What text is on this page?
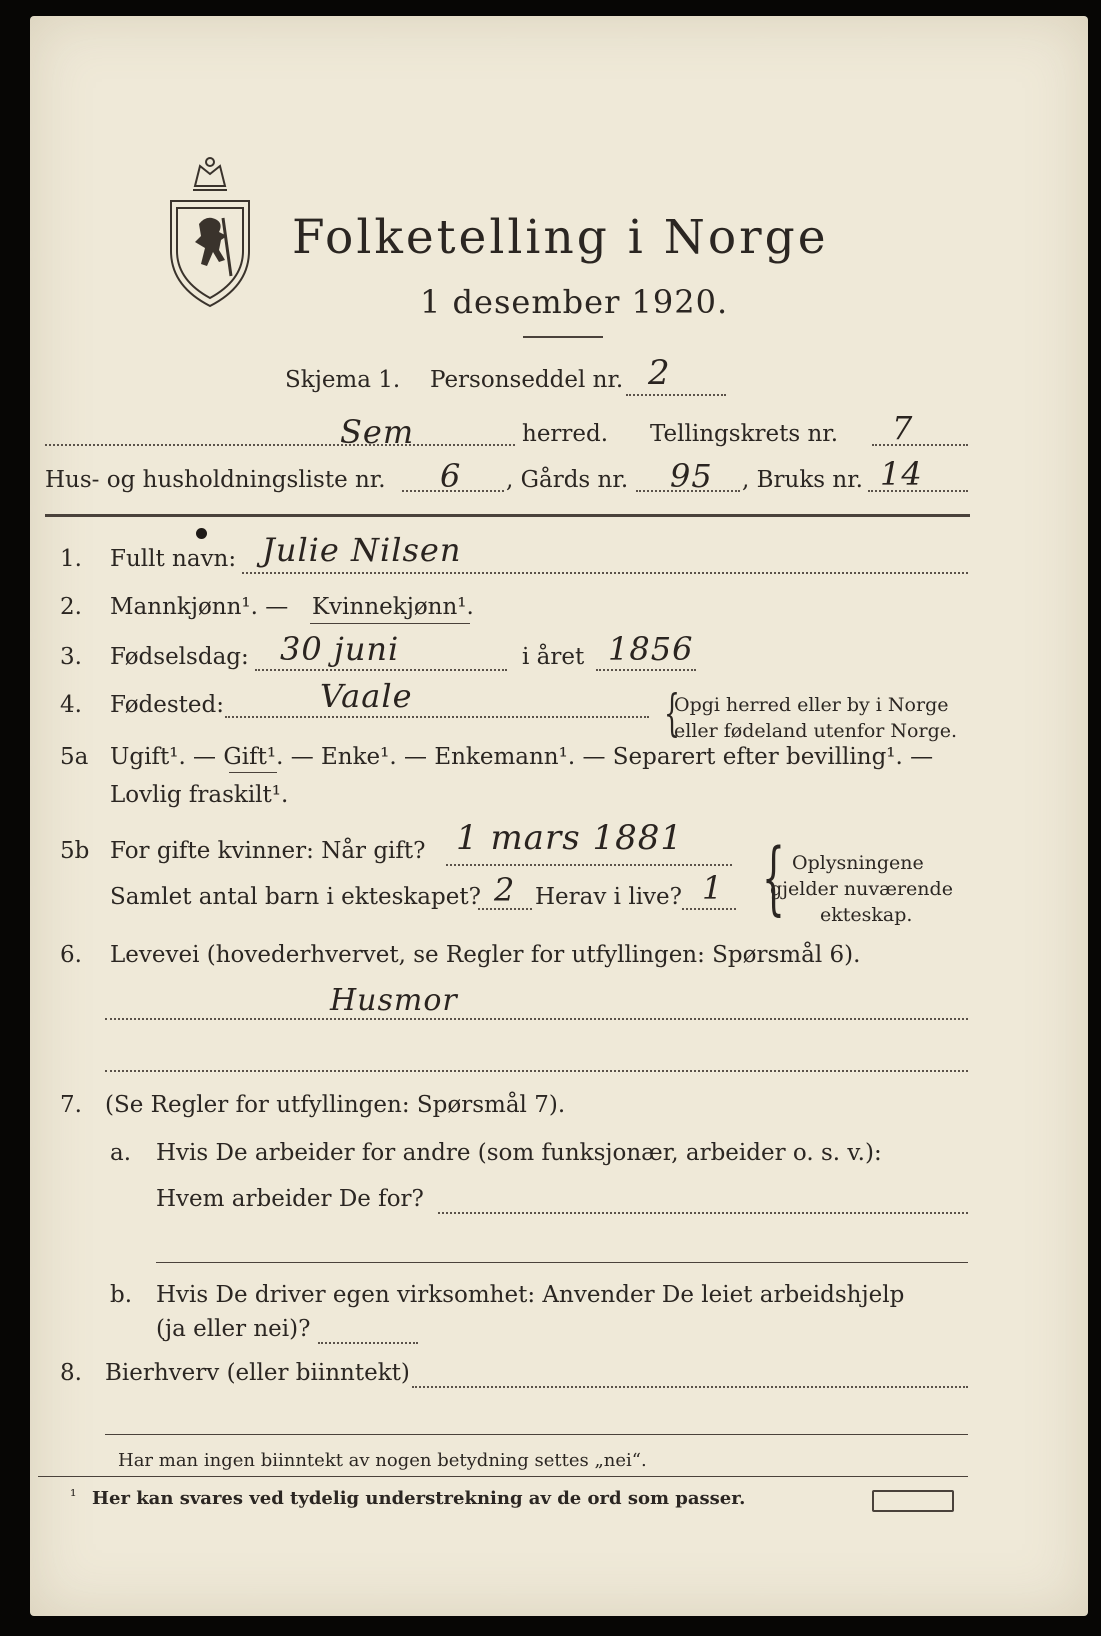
Folketelling i Norge
1 desember 1920.
Skjema 1. Personseddel nr. 2
Sem	herred. Tellingskrets nr. 7
Hus- og husholdningsliste nr. 6 , Gårds nr. 95 , Bruks nr. 14
1. Fullt navn: Julie Nilsen
2. Mannkjønn¹. — Kvinnekjønn¹.
3. Fødselsdag: 30 juni	i året 1856
4. Fødested:	Vaale	{
Opgi herred eller by i Norge
eller fødeland utenfor Norge.
5a Ugift¹. — Gift¹. — Enke¹. — Enkemann¹. — Separert efter bevilling¹. —
Lovlig fraskilt¹.
5b For gifte kvinner: Når gift? 1 mars 1881
Samlet antal barn i ekteskapet? 2 Herav i live? 1 { Oplysningene
gjelder nuværende
ekteskap.
6. Levevei (hovederhvervet, se Regler for utfyllingen: Spørsmål 6).
Husmor
7. (Se Regler for utfyllingen: Spørsmål 7).
a. Hvis De arbeider for andre (som funksjonær, arbeider o. s. v.):
Hvem arbeider De for?
b. Hvis De driver egen virksomhet: Anvender De leiet arbeidshjelp
(ja eller nei)?
8. Bierhverv (eller biinntekt)
Har man ingen biinntekt av nogen betydning settes „nei“.
¹ Her kan svares ved tydelig understrekning av de ord som passer.
